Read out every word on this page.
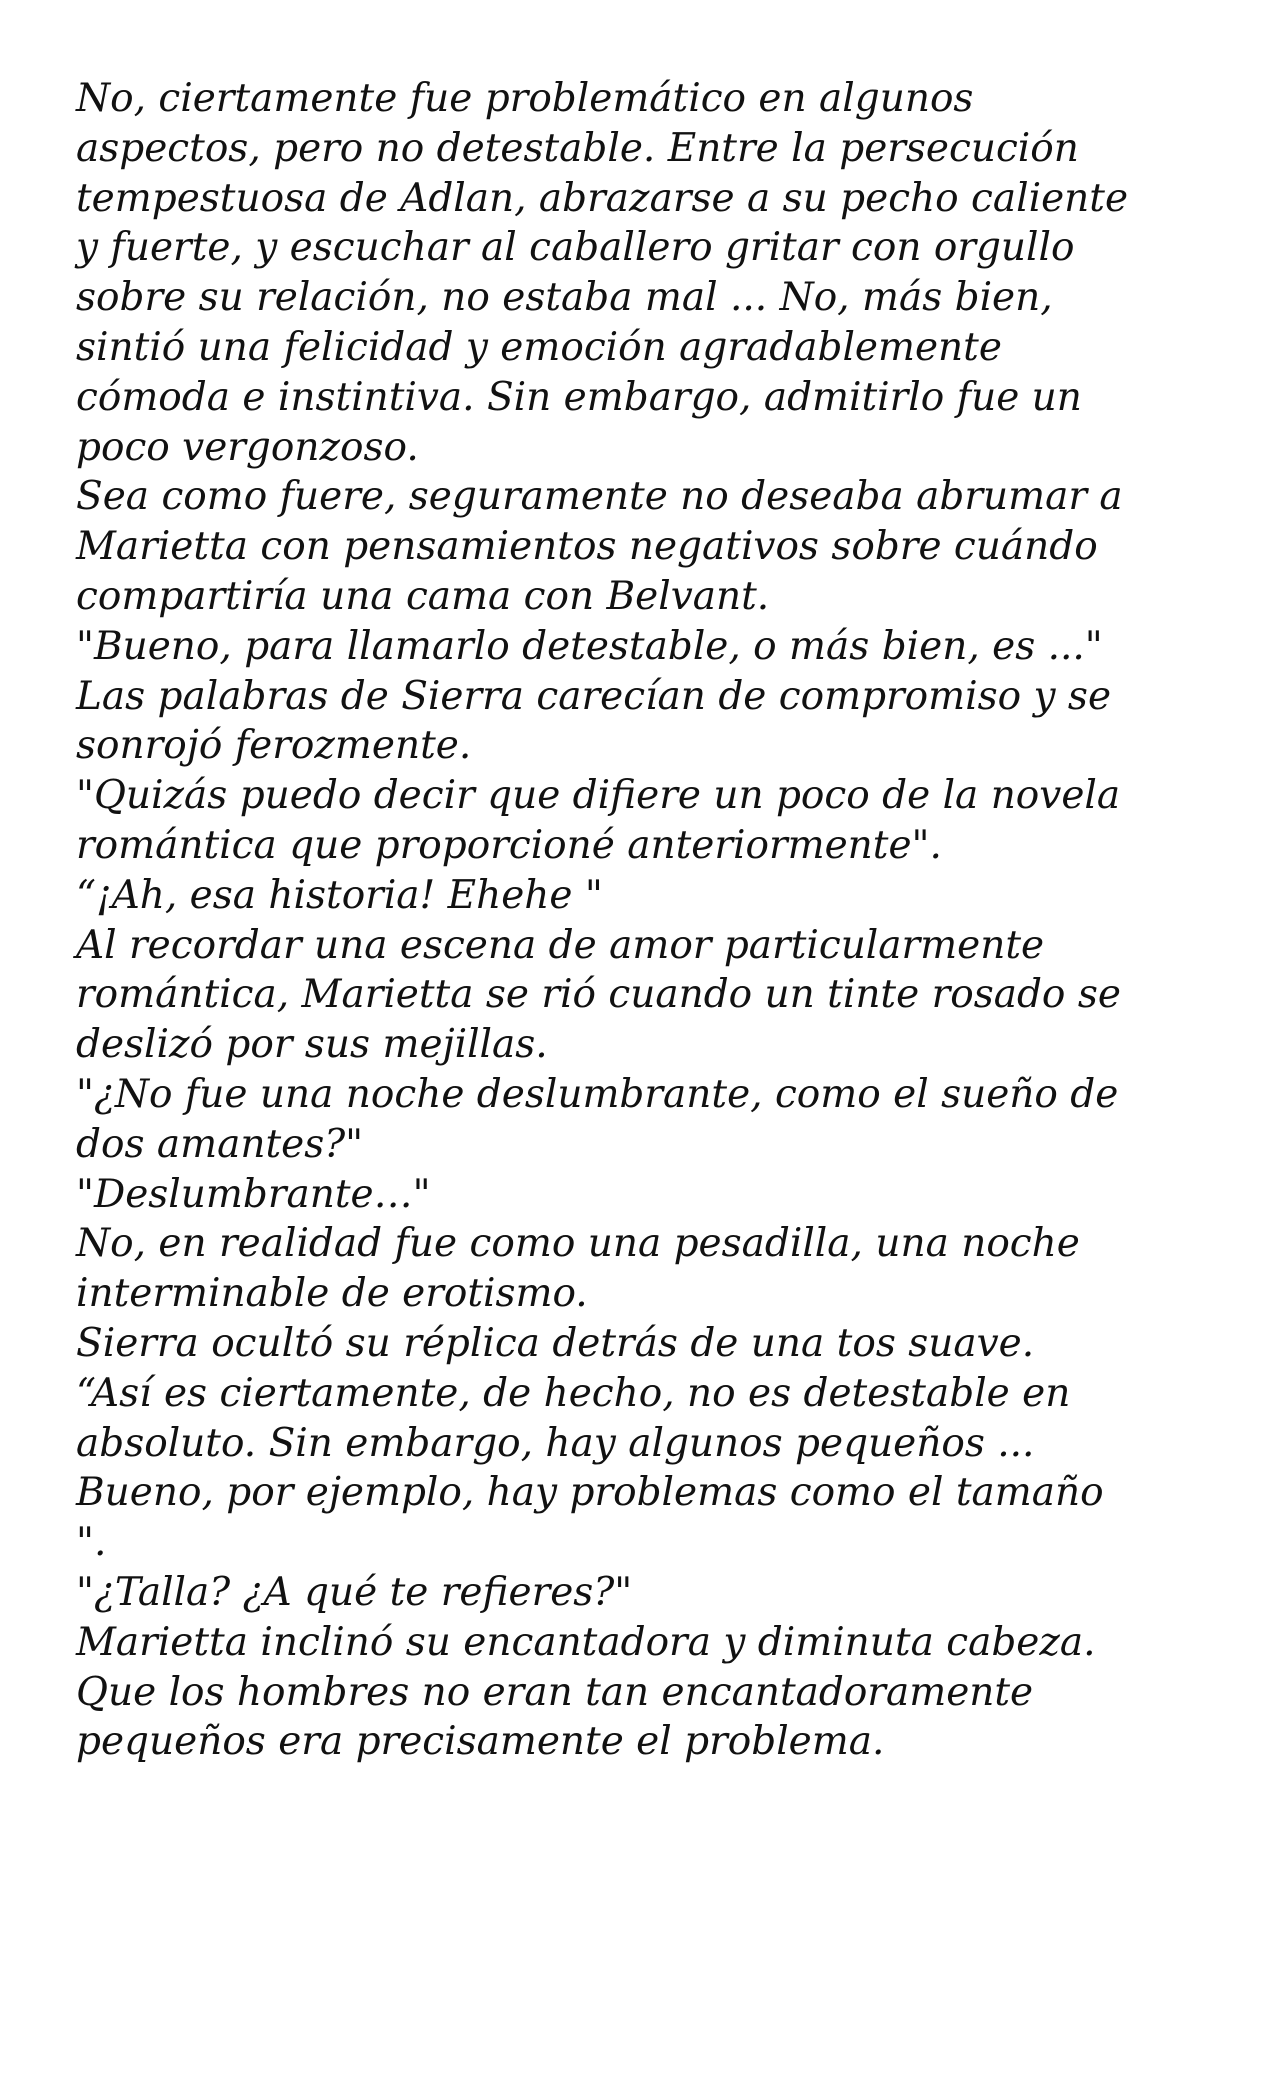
No, ciertamente fue problemático en algunos
aspectos, pero no detestable. Entre la persecución
tempestuosa de Adlan, abrazarse a su pecho caliente
y fuerte, y escuchar al caballero gritar con orgullo
sobre su relación, no estaba mal ... No, más bien,
sintió una felicidad y emoción agradablemente
cómoda e instintiva. Sin embargo, admitirlo fue un
poco vergonzoso.
Sea como fuere, seguramente no deseaba abrumar a
Marietta con pensamientos negativos sobre cuándo
compartiría una cama con Belvant.
"Bueno, para llamarlo detestable, o más bien, es ..."
Las palabras de Sierra carecían de compromiso y se
sonrojó ferozmente.
"Quizás puedo decir que difiere un poco de la novela
romántica que proporcioné anteriormente".
“¡Ah, esa historia! Ehehe "
Al recordar una escena de amor particularmente
romántica, Marietta se rió cuando un tinte rosado se
deslizó por sus mejillas.
"¿No fue una noche deslumbrante, como el sueño de
dos amantes?"
"Deslumbrante…"
No, en realidad fue como una pesadilla, una noche
interminable de erotismo.
Sierra ocultó su réplica detrás de una tos suave.
“Así es ciertamente, de hecho, no es detestable en
absoluto. Sin embargo, hay algunos pequeños ...
Bueno, por ejemplo, hay problemas como el tamaño
".
"¿Talla? ¿A qué te refieres?"
Marietta inclinó su encantadora y diminuta cabeza.
Que los hombres no eran tan encantadoramente
pequeños era precisamente el problema.
